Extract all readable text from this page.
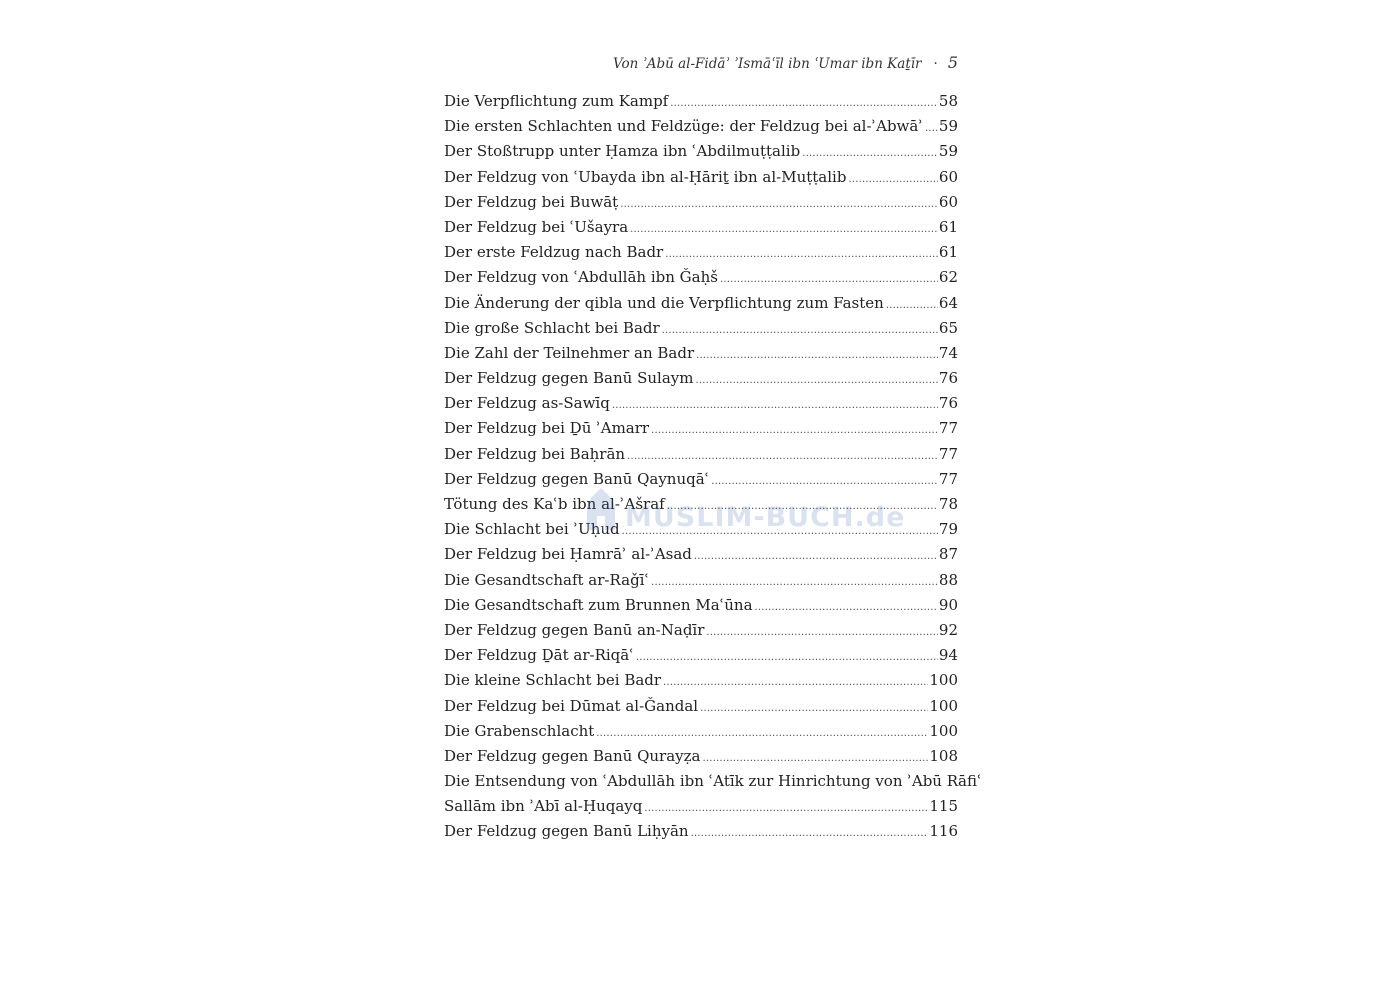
Von ʾAbū al-Fidāʾ ʾIsmāʿīl ibn ʿUmar ibn Kaṯīr · 5
Die Verpflichtung zum Kampf .....	58
Die ersten Schlachten und Feldzüge: der Feldzug bei al-ʾAbwāʾ ..... 59
Der Stoßtrupp unter Ḥamza ibn ʿAbdilmuṭṭalib .....	59
Der Feldzug von ʿUbayda ibn al-Ḥāriṯ ibn al-Muṭṭalib .....	60
Der Feldzug bei Buwāṭ .....	60
Der Feldzug bei ʿUšayra .....	61
Der erste Feldzug nach Badr .....	61
Der Feldzug von ʿAbdullāh ibn Ǧaḥš .....	62
Die Änderung der qibla und die Verpflichtung zum Fasten .....	64
Die große Schlacht bei Badr .....	65
Die Zahl der Teilnehmer an Badr .....	74
Der Feldzug gegen Banū Sulaym .....	76
Der Feldzug as-Sawīq .....	76
Der Feldzug bei Ḏū ʾAmarr .....	77
Der Feldzug bei Baḥrān .....	77
Der Feldzug gegen Banū Qaynuqāʿ .....	77
Tötung des Kaʿb ibn al-ʾAšraf .....	78
Die Schlacht bei ʾUḥud .....	79
Der Feldzug bei Ḥamrāʾ al-ʾAsad .....	87
Die Gesandtschaft ar-Raǧīʿ .....	88
Die Gesandtschaft zum Brunnen Maʿūna .....	90
Der Feldzug gegen Banū an-Naḍīr .....	92
Der Feldzug Ḏāt ar-Riqāʿ .....	94
Die kleine Schlacht bei Badr .....	100
Der Feldzug bei Dūmat al-Ǧandal .....	100
Die Grabenschlacht .....	100
Der Feldzug gegen Banū Qurayẓa .....	108
Die Entsendung von ʿAbdullāh ibn ʿAtīk zur Hinrichtung von ʾAbū Rāfiʿ
Sallām ibn ʾAbī al-Ḥuqayq .....	115
Der Feldzug gegen Banū Liḥyān .....	116
MUSLIM-BUCH.de
